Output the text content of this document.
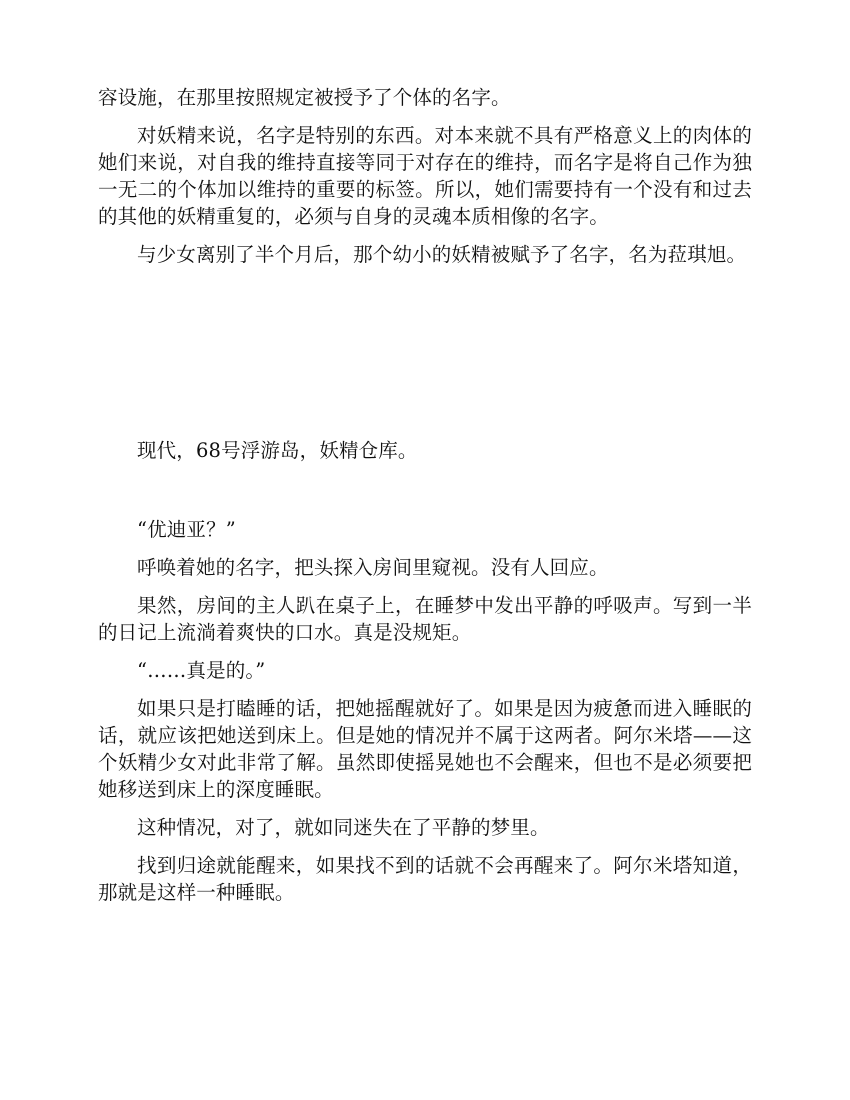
容设施，在那里按照规定被授予了个体的名字。

对妖精来说，名字是特别的东西。对本来就不具有严格意义上的肉体的她们来说，对自我的维持直接等同于对存在的维持，而名字是将自己作为独一无二的个体加以维持的重要的标签。所以，她们需要持有一个没有和过去的其他的妖精重复的，必须与自身的灵魂本质相像的名字。

与少女离别了半个月后，那个幼小的妖精被赋予了名字，名为菈琪旭。

现代，68号浮游岛，妖精仓库。

“优迪亚？”

呼唤着她的名字，把头探入房间里窥视。没有人回应。

果然，房间的主人趴在桌子上，在睡梦中发出平静的呼吸声。写到一半的日记上流淌着爽快的口水。真是没规矩。

“……真是的。”

如果只是打瞌睡的话，把她摇醒就好了。如果是因为疲惫而进入睡眠的话，就应该把她送到床上。但是她的情况并不属于这两者。阿尔米塔——这个妖精少女对此非常了解。虽然即使摇晃她也不会醒来，但也不是必须要把她移送到床上的深度睡眠。

这种情况，对了，就如同迷失在了平静的梦里。

找到归途就能醒来，如果找不到的话就不会再醒来了。阿尔米塔知道，那就是这样一种睡眠。
